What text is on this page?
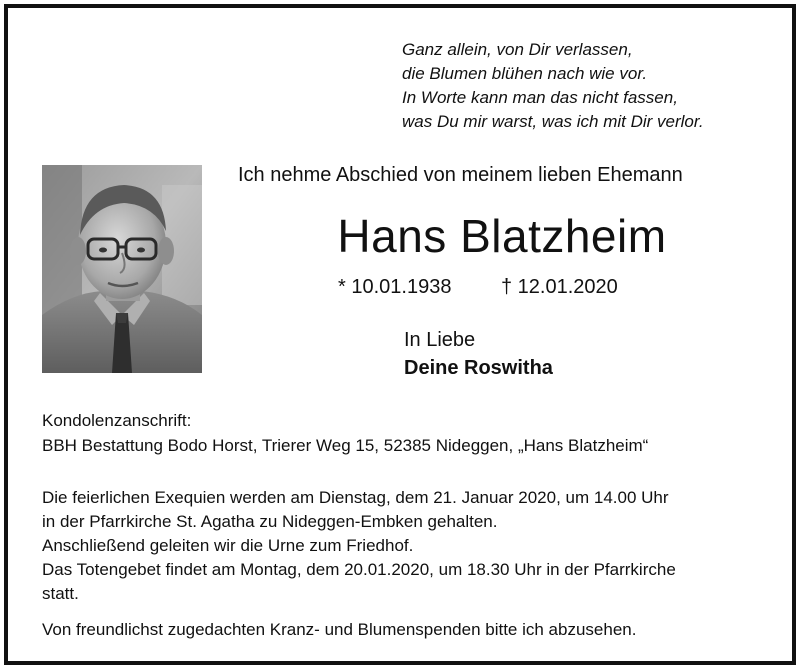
Ganz allein, von Dir verlassen,
die Blumen blühen nach wie vor.
In Worte kann man das nicht fassen,
was Du mir warst, was ich mit Dir verlor.
Ich nehme Abschied von meinem lieben Ehemann
Hans Blatzheim
* 10.01.1938 † 12.01.2020
In Liebe
Deine Roswitha
Kondolenzanschrift:
BBH Bestattung Bodo Horst, Trierer Weg 15, 52385 Nideggen, „Hans Blatzheim“
Die feierlichen Exequien werden am Dienstag, dem 21. Januar 2020, um 14.00 Uhr
in der Pfarrkirche St. Agatha zu Nideggen-Embken gehalten.
Anschließend geleiten wir die Urne zum Friedhof.
Das Totengebet findet am Montag, dem 20.01.2020, um 18.30 Uhr in der Pfarrkirche
statt.
Von freundlichst zugedachten Kranz- und Blumenspenden bitte ich abzusehen.
